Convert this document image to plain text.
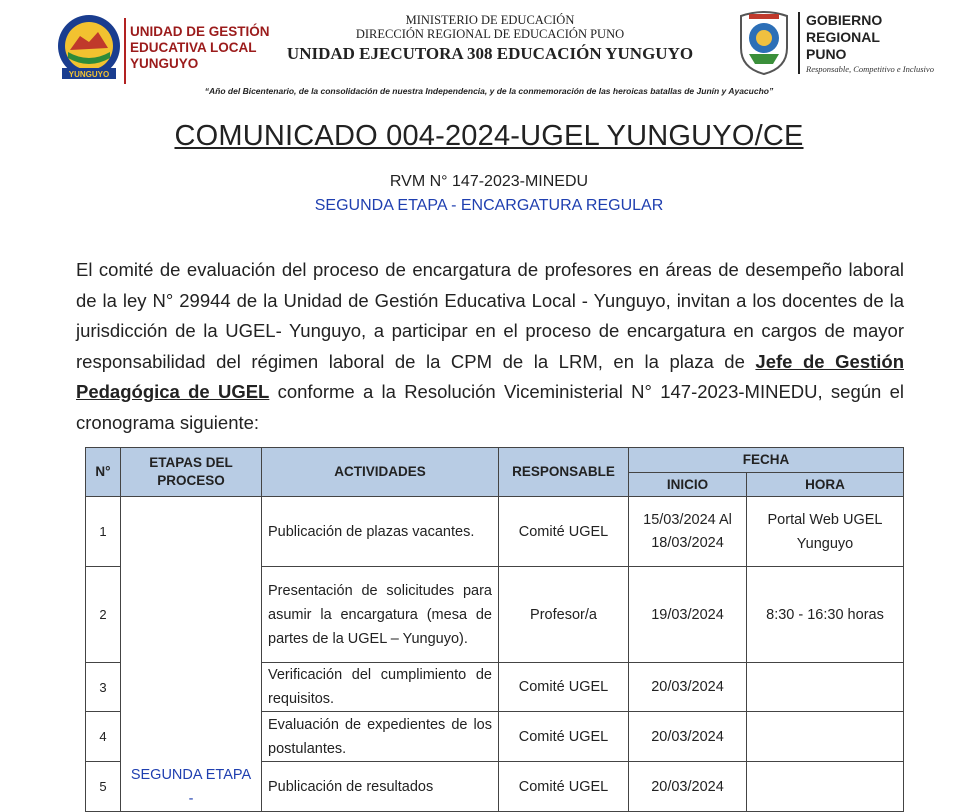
YUNGUYO
UNIDAD DE GESTIÓN
EDUCATIVA LOCAL
YUNGUYO
MINISTERIO DE EDUCACIÓN
DIRECCIÓN REGIONAL DE EDUCACIÓN PUNO
UNIDAD EJECUTORA 308 EDUCACIÓN YUNGUYO
GOBIERNO
REGIONAL
PUNO
Responsable, Competitivo e Inclusivo
“Año del Bicentenario, de la consolidación de nuestra Independencia, y de la conmemoración de las heroicas batallas de Junín y Ayacucho”
COMUNICADO 004-2024-UGEL YUNGUYO/CE
RVM N° 147-2023-MINEDU
SEGUNDA ETAPA - ENCARGATURA REGULAR
El comité de evaluación del proceso de encargatura de profesores en áreas de desempeño laboral de la ley N° 29944 de la Unidad de Gestión Educativa Local - Yunguyo, invitan a los docentes de la jurisdicción de la UGEL- Yunguyo, a participar en el proceso de encargatura en cargos de mayor responsabilidad del régimen laboral de la CPM de la LRM, en la plaza de Jefe de Gestión Pedagógica de UGEL conforme a la Resolución Viceministerial N° 147-2023-MINEDU, según el cronograma siguiente:
N°	ETAPAS DEL PROCESO	ACTIVIDADES	RESPONSABLE	FECHA	
				INICIO	HORA
1	SEGUNDA ETAPA -	Publicación de plazas vacantes.	Comité UGEL	15/03/2024 Al 18/03/2024	Portal Web UGEL Yunguyo
2		Presentación de solicitudes para asumir la encargatura (mesa de partes de la UGEL – Yunguyo).	Profesor/a	19/03/2024	8:30 - 16:30 horas
3		Verificación del cumplimiento de requisitos.	Comité UGEL	20/03/2024	
4		Evaluación de expedientes de los postulantes.	Comité UGEL	20/03/2024	
5		Publicación de resultados	Comité UGEL	20/03/2024	
